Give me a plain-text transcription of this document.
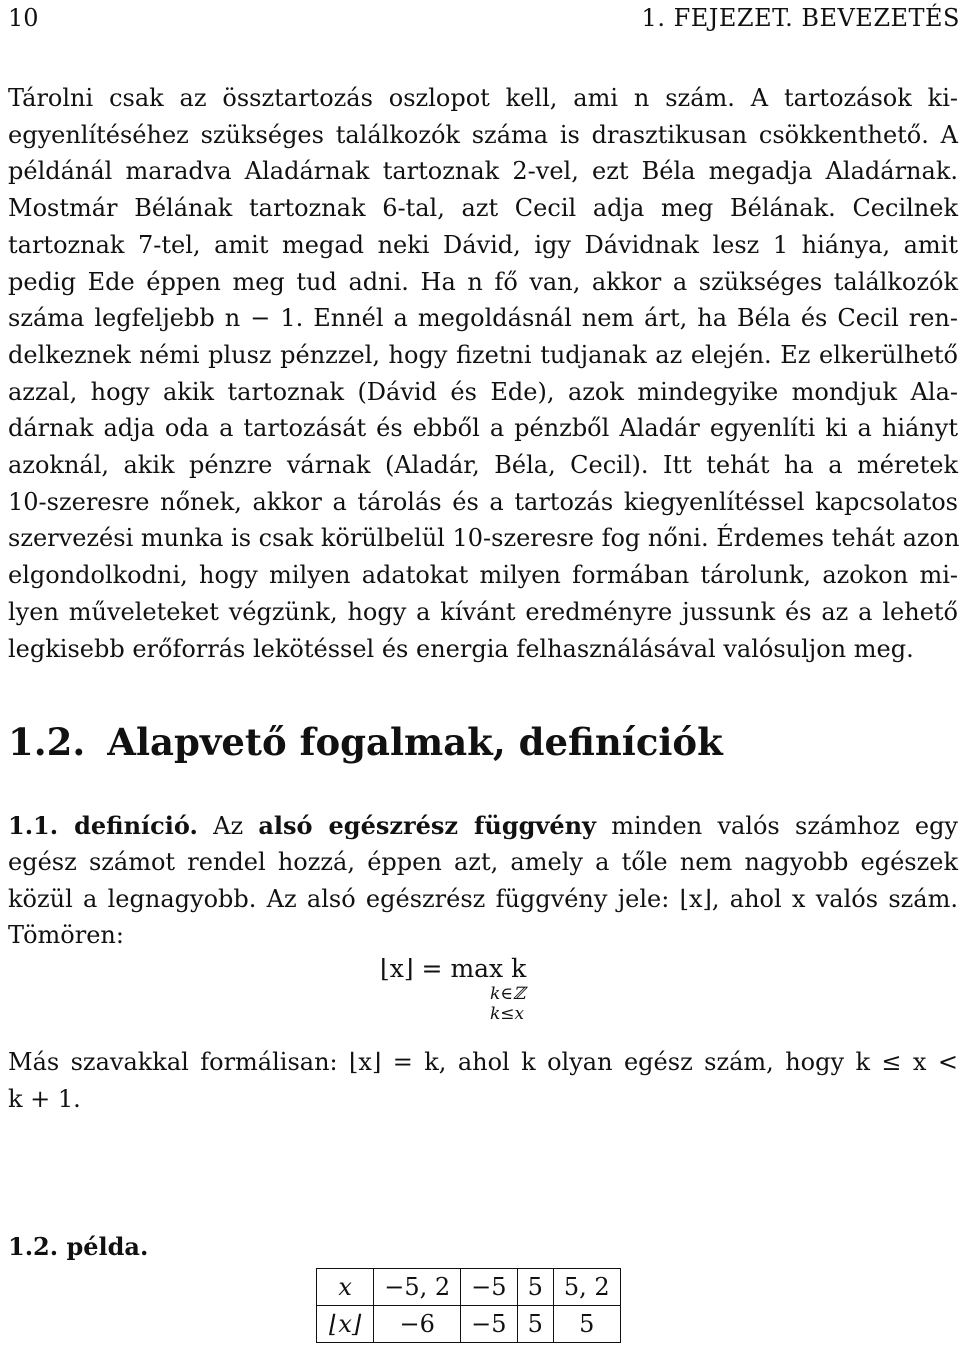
10	1. FEJEZET. BEVEZETÉS
Tárolni csak az össztartozás oszlopot kell, ami n szám. A tartozások ki-
egyenlítéséhez szükséges találkozók száma is drasztikusan csökkenthető. A
példánál maradva Aladárnak tartoznak 2-vel, ezt Béla megadja Aladárnak.
Mostmár Bélának tartoznak 6-tal, azt Cecil adja meg Bélának. Cecilnek
tartoznak 7-tel, amit megad neki Dávid, igy Dávidnak lesz 1 hiánya, amit
pedig Ede éppen meg tud adni. Ha n fő van, akkor a szükséges találkozók
száma legfeljebb n − 1. Ennél a megoldásnál nem árt, ha Béla és Cecil ren-
delkeznek némi plusz pénzzel, hogy fizetni tudjanak az elején. Ez elkerülhető
azzal, hogy akik tartoznak (Dávid és Ede), azok mindegyike mondjuk Ala-
dárnak adja oda a tartozását és ebből a pénzből Aladár egyenlíti ki a hiányt
azoknál, akik pénzre várnak (Aladár, Béla, Cecil). Itt tehát ha a méretek
10-szeresre nőnek, akkor a tárolás és a tartozás kiegyenlítéssel kapcsolatos
szervezési munka is csak körülbelül 10-szeresre fog nőni. Érdemes tehát azon
elgondolkodni, hogy milyen adatokat milyen formában tárolunk, azokon mi-
lyen műveleteket végzünk, hogy a kívánt eredményre jussunk és az a lehető
legkisebb erőforrás lekötéssel és energia felhasználásával valósuljon meg.
1.2. Alapvető fogalmak, definíciók
1.1. definíció. Az alsó egészrész függvény minden valós számhoz egy
egész számot rendel hozzá, éppen azt, amely a tőle nem nagyobb egészek
közül a legnagyobb. Az alsó egészrész függvény jele: ⌊x⌋, ahol x valós szám.
Tömören:
⌊x⌋ = max k
k∈ℤ
k≤x
Más szavakkal formálisan: ⌊x⌋ = k, ahol k olyan egész szám, hogy k ≤ x <
k + 1.
1.2. példa.
x	−5, 2	−5	5	5, 2
⌊x⌋	−6	−5	5	5
